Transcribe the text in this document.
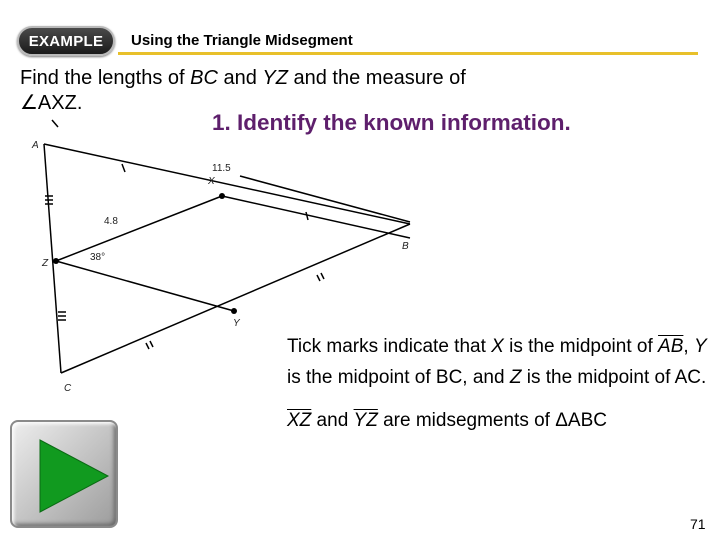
EXAMPLE	Using the Triangle Midsegment
Find the lengths of BC and YZ and the measure of
∠AXZ.
1. Identify the known information.
A
B
C
X
Y
Z
11.5
4.8
38°

Tick marks indicate that X is the midpoint of $\overline{AB}$, Y is the midpoint of BC, and Z is the midpoint of AC.

$\overline{XZ}$ and $\overline{YZ}$ are midsegments of ΔABC

71
